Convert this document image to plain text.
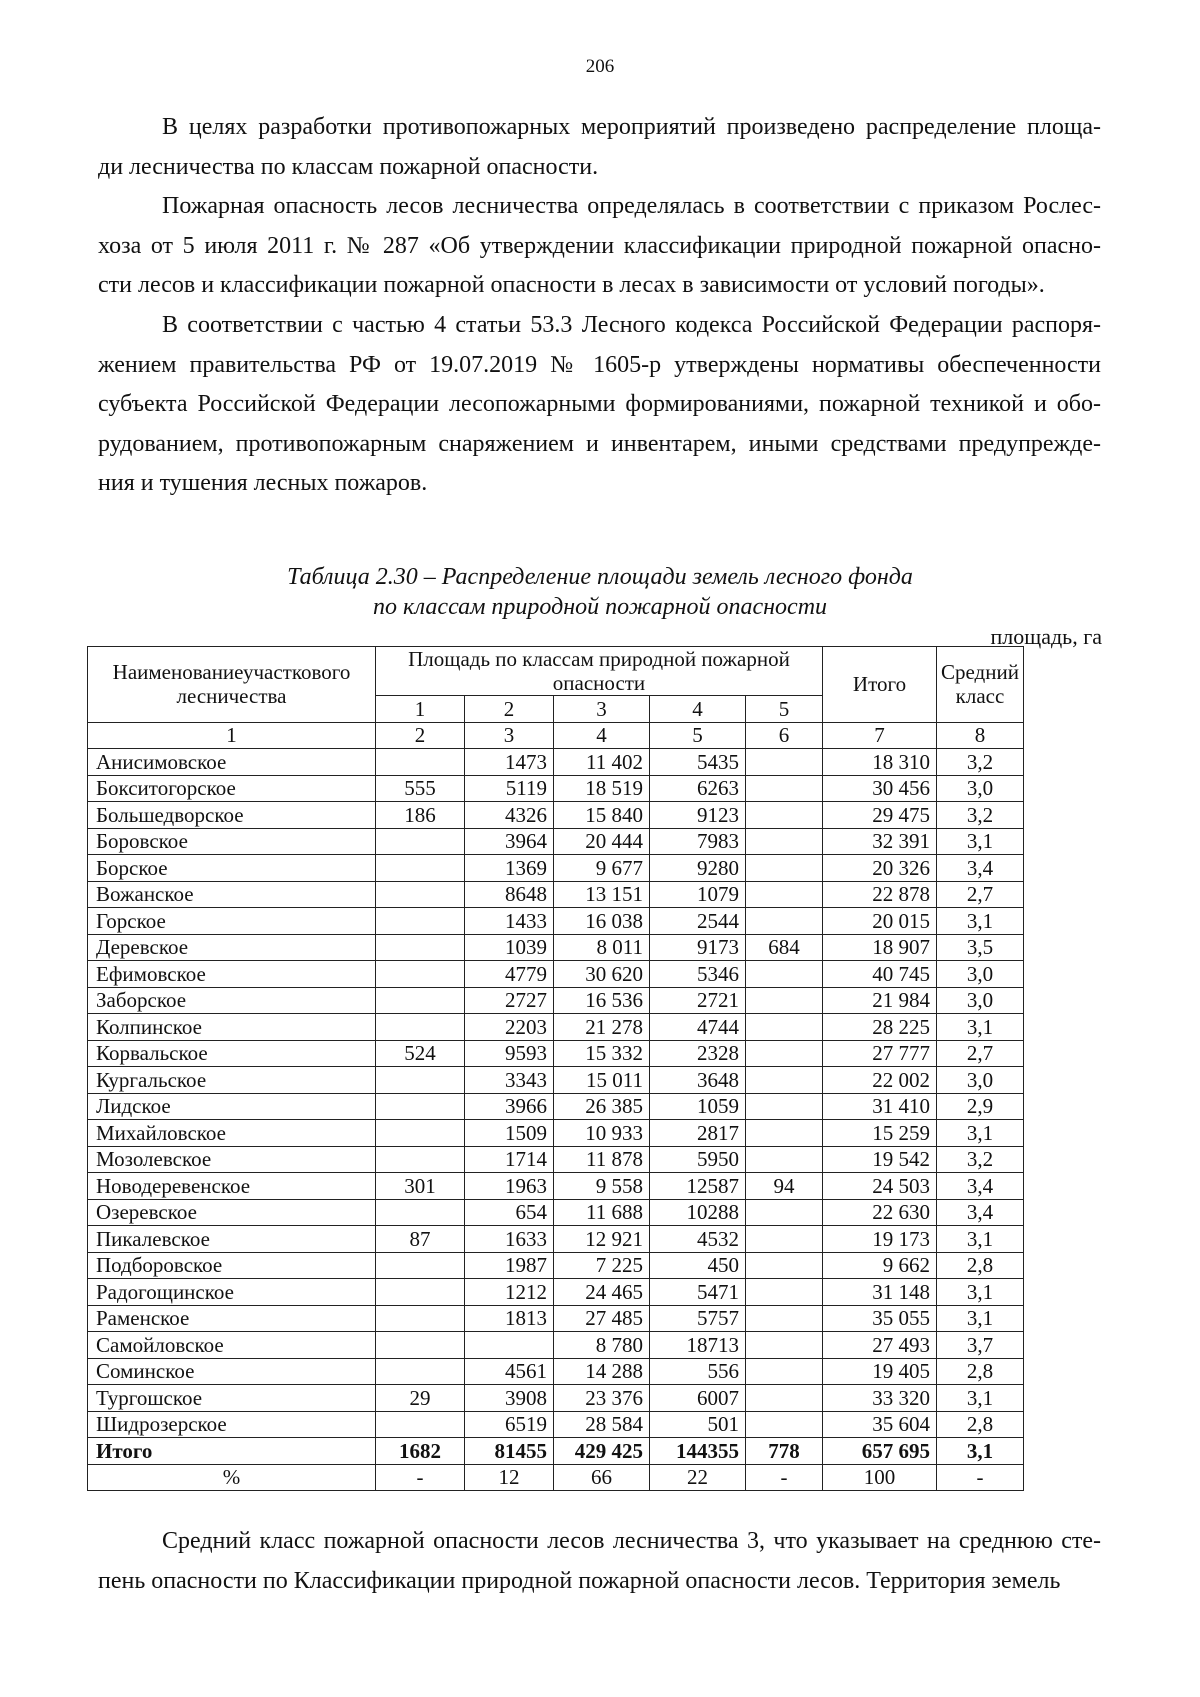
206

В целях разработки противопожарных мероприятий произведено распределение площа-
ди лесничества по классам пожарной опасности.

Пожарная опасность лесов лесничества определялась в соответствии с приказом Рослес-
хоза от 5 июля 2011 г. № 287 «Об утверждении классификации природной пожарной опасно-
сти лесов и классификации пожарной опасности в лесах в зависимости от условий погоды».

В соответствии с частью 4 статьи 53.3 Лесного кодекса Российской Федерации распоря-
жением правительства РФ от 19.07.2019 № 1605-р утверждены нормативы обеспеченности
субъекта Российской Федерации лесопожарными формированиями, пожарной техникой и обо-
рудованием, противопожарным снаряжением и инвентарем, иными средствами предупрежде-
ния и тушения лесных пожаров.

Таблица 2.30 – Распределение площади земель лесного фонда
по классам природной пожарной опасности
площадь, га
Наименованиеучасткового лесничества	Площадь по классам природной пожарной опасности					Итого	Средний класс
	1	2	3	4	5		
1	2	3	4	5	6	7	8
Анисимовское		1473	11 402	5435		18 310	3,2
Бокситогорское	555	5119	18 519	6263		30 456	3,0
Большедворское	186	4326	15 840	9123		29 475	3,2
Боровское		3964	20 444	7983		32 391	3,1
Борское		1369	9 677	9280		20 326	3,4
Вожанское		8648	13 151	1079		22 878	2,7
Горское		1433	16 038	2544		20 015	3,1
Деревское		1039	8 011	9173	684	18 907	3,5
Ефимовское		4779	30 620	5346		40 745	3,0
Заборское		2727	16 536	2721		21 984	3,0
Колпинское		2203	21 278	4744		28 225	3,1
Корвальское	524	9593	15 332	2328		27 777	2,7
Кургальское		3343	15 011	3648		22 002	3,0
Лидское		3966	26 385	1059		31 410	2,9
Михайловское		1509	10 933	2817		15 259	3,1
Мозолевское		1714	11 878	5950		19 542	3,2
Новодеревенское	301	1963	9 558	12587	94	24 503	3,4
Озеревское		654	11 688	10288		22 630	3,4
Пикалевское	87	1633	12 921	4532		19 173	3,1
Подборовское		1987	7 225	450		9 662	2,8
Радогощинское		1212	24 465	5471		31 148	3,1
Раменское		1813	27 485	5757		35 055	3,1
Самойловское			8 780	18713		27 493	3,7
Соминское		4561	14 288	556		19 405	2,8
Тургошское	29	3908	23 376	6007		33 320	3,1
Шидрозерское		6519	28 584	501		35 604	2,8
Итого	1682	81455	429 425	144355	778	657 695	3,1
%	-	12	66	22	-	100	-

Средний класс пожарной опасности лесов лесничества 3, что указывает на среднюю сте-
пень опасности по Классификации природной пожарной опасности лесов. Территория земель
